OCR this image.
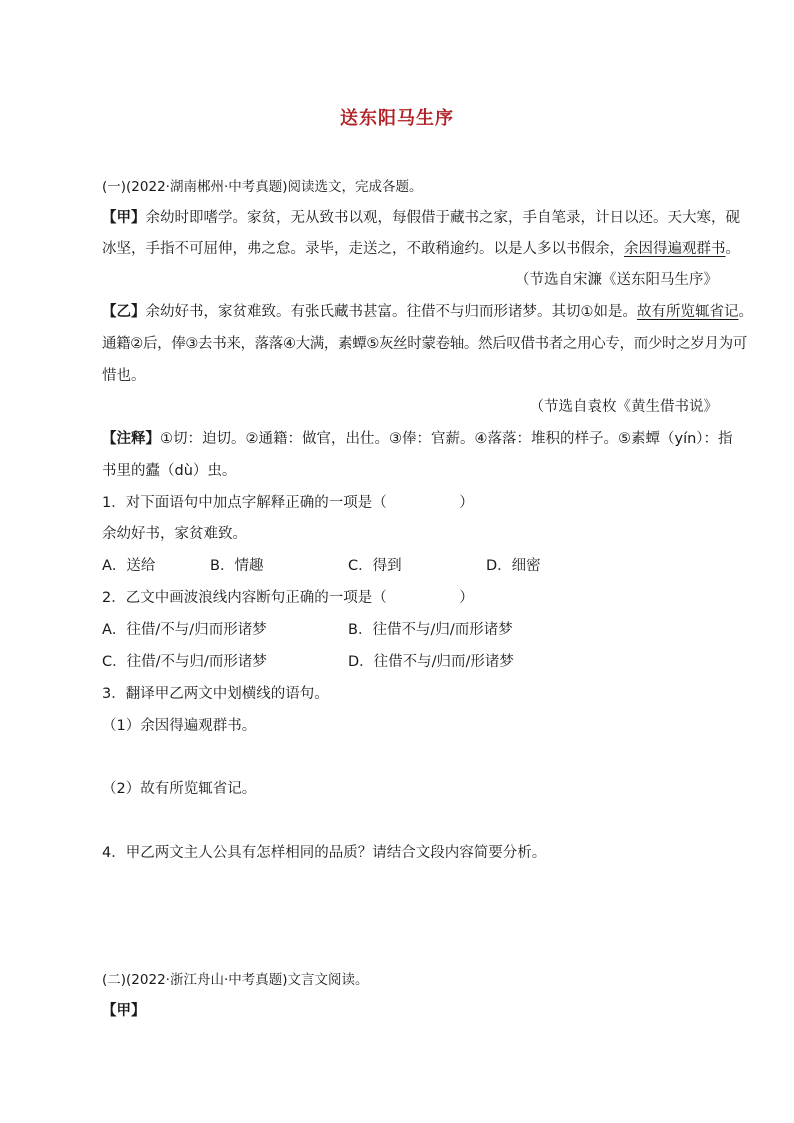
送东阳马生序
(一)(2022·湖南郴州·中考真题)阅读选文，完成各题。
【甲】余幼时即嗜学。家贫，无从致书以观，每假借于藏书之家，手自笔录，计日以还。天大寒，砚
冰坚，手指不可屈伸，弗之怠。录毕，走送之，不敢稍逾约。以是人多以书假余，余因得遍观群书。
（节选自宋濂《送东阳马生序》
【乙】余幼好书，家贫难致。有张氏藏书甚富。往借不与归而形诸梦。其切①如是。故有所览辄省记。
通籍②后，俸③去书来，落落④大满，素蟫⑤灰丝时蒙卷轴。然后叹借书者之用心专，而少时之岁月为可
惜也。
（节选自袁枚《黄生借书说》
【注释】①切：迫切。②通籍：做官，出仕。③俸：官薪。④落落：堆积的样子。⑤素蟫（yín）：指
书里的蠹（dù）虫。
1．对下面语句中加点字解释正确的一项是（　　　　　）
余幼好书，家贫难致。
A．送给	B．情趣	C．得到	D．细密
2．乙文中画波浪线内容断句正确的一项是（　　　　　）
A．往借/不与/归而形诸梦	B．往借不与/归/而形诸梦
C．往借/不与归/而形诸梦	D．往借不与/归而/形诸梦
3．翻译甲乙两文中划横线的语句。
（1）余因得遍观群书。
（2）故有所览辄省记。
4．甲乙两文主人公具有怎样相同的品质？请结合文段内容简要分析。
(二)(2022·浙江舟山·中考真题)文言文阅读。
【甲】
